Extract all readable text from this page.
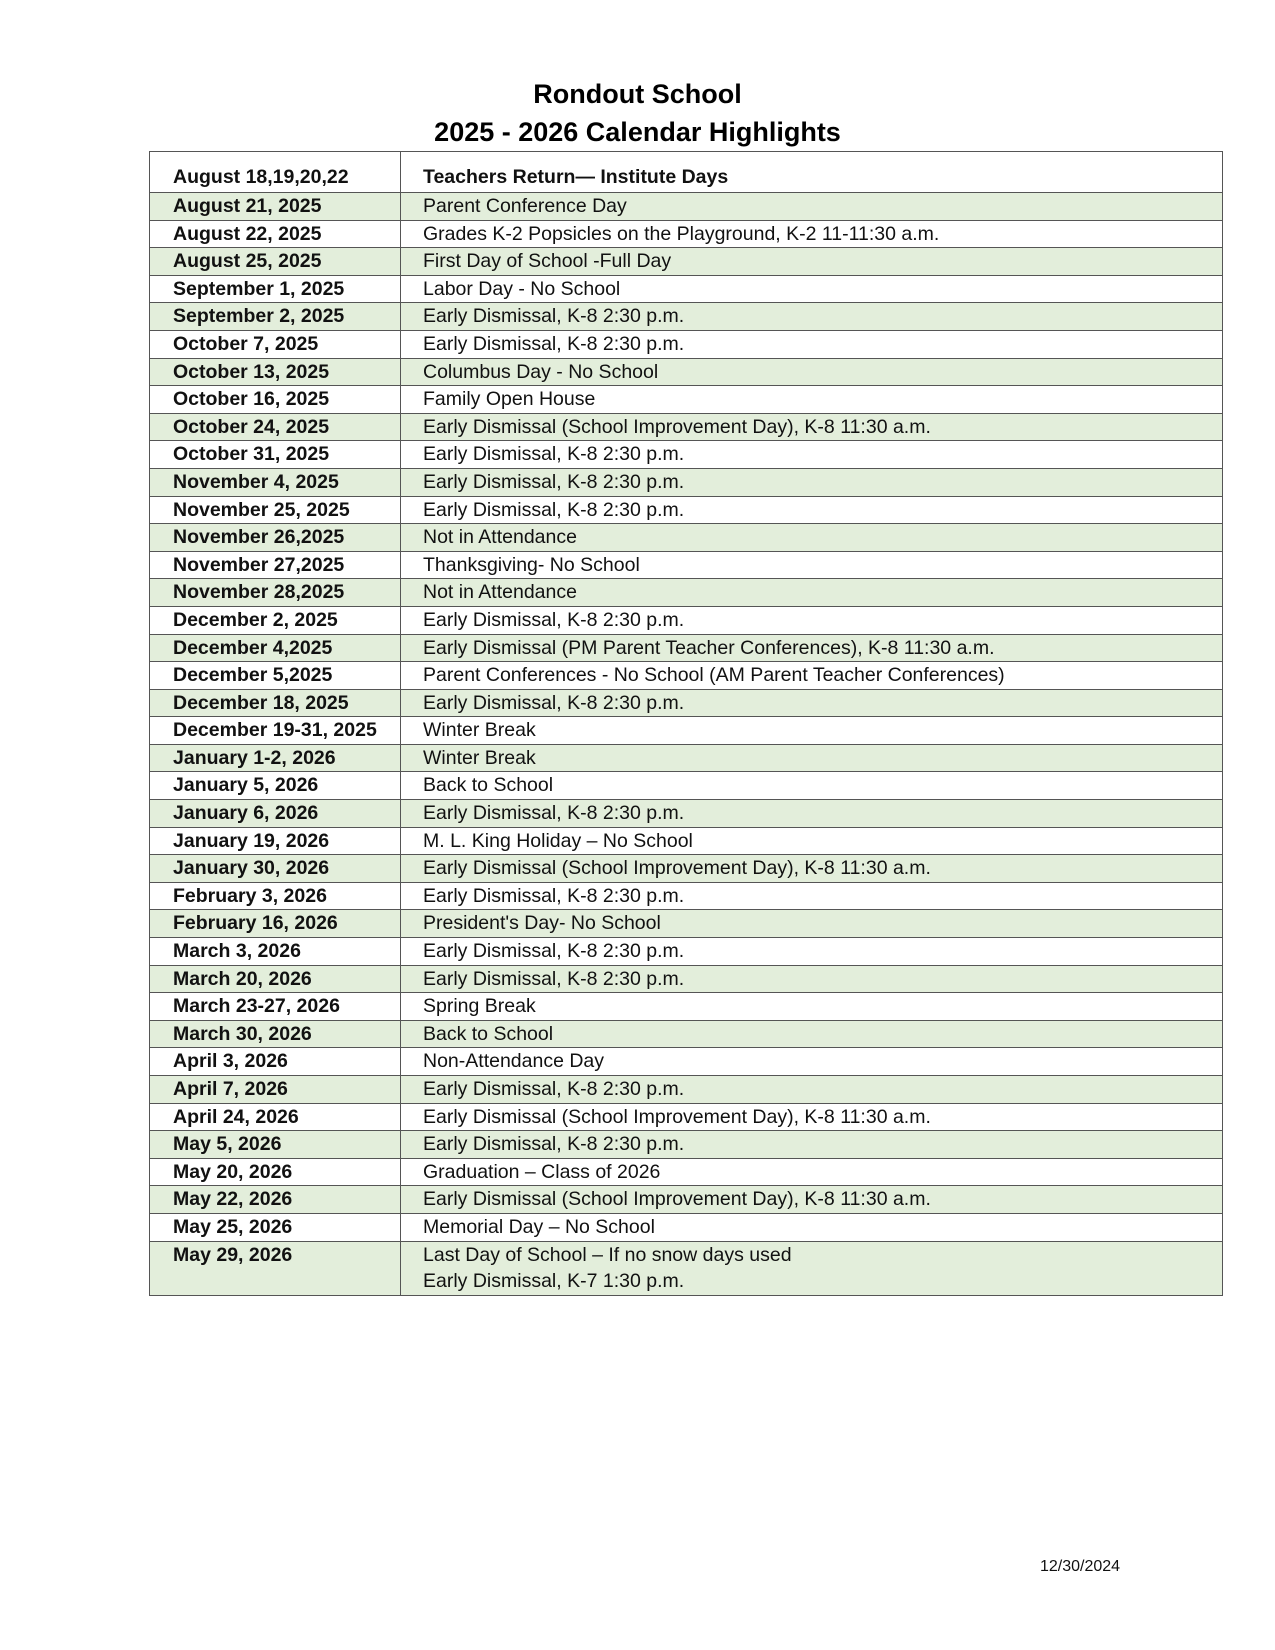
Rondout School
2025 - 2026 Calendar Highlights
August 18,19,20,22	Teachers Return— Institute Days
August 21, 2025	Parent Conference Day
August 22, 2025	Grades K-2 Popsicles on the Playground, K-2 11-11:30 a.m.
August 25, 2025	First Day of School -Full Day
September 1, 2025	Labor Day - No School
September 2, 2025	Early Dismissal, K-8 2:30 p.m.
October 7, 2025	Early Dismissal, K-8 2:30 p.m.
October 13, 2025	Columbus Day - No School
October 16, 2025	Family Open House
October 24, 2025	Early Dismissal (School Improvement Day), K-8 11:30 a.m.
October 31, 2025	Early Dismissal, K-8 2:30 p.m.
November 4, 2025	Early Dismissal, K-8 2:30 p.m.
November 25, 2025	Early Dismissal, K-8 2:30 p.m.
November 26,2025	Not in Attendance
November 27,2025	Thanksgiving- No School
November 28,2025	Not in Attendance
December 2, 2025	Early Dismissal, K-8 2:30 p.m.
December 4,2025	Early Dismissal (PM Parent Teacher Conferences), K-8 11:30 a.m.
December 5,2025	Parent Conferences - No School (AM Parent Teacher Conferences)
December 18, 2025	Early Dismissal, K-8 2:30 p.m.
December 19-31, 2025	Winter Break
January 1-2, 2026	Winter Break
January 5, 2026	Back to School
January 6, 2026	Early Dismissal, K-8 2:30 p.m.
January 19, 2026	M. L. King Holiday – No School
January 30, 2026	Early Dismissal (School Improvement Day), K-8 11:30 a.m.
February 3, 2026	Early Dismissal, K-8 2:30 p.m.
February 16, 2026	President's Day- No School
March 3, 2026	Early Dismissal, K-8 2:30 p.m.
March 20, 2026	Early Dismissal, K-8 2:30 p.m.
March 23-27, 2026	Spring Break
March 30, 2026	Back to School
April 3, 2026	Non-Attendance Day
April 7, 2026	Early Dismissal, K-8 2:30 p.m.
April 24, 2026	Early Dismissal (School Improvement Day), K-8 11:30 a.m.
May 5, 2026	Early Dismissal, K-8 2:30 p.m.
May 20, 2026	Graduation – Class of 2026
May 22, 2026	Early Dismissal (School Improvement Day), K-8 11:30 a.m.
May 25, 2026	Memorial Day – No School
May 29, 2026	Last Day of School – If no snow days used
Early Dismissal, K-7 1:30 p.m.
12/30/2024
